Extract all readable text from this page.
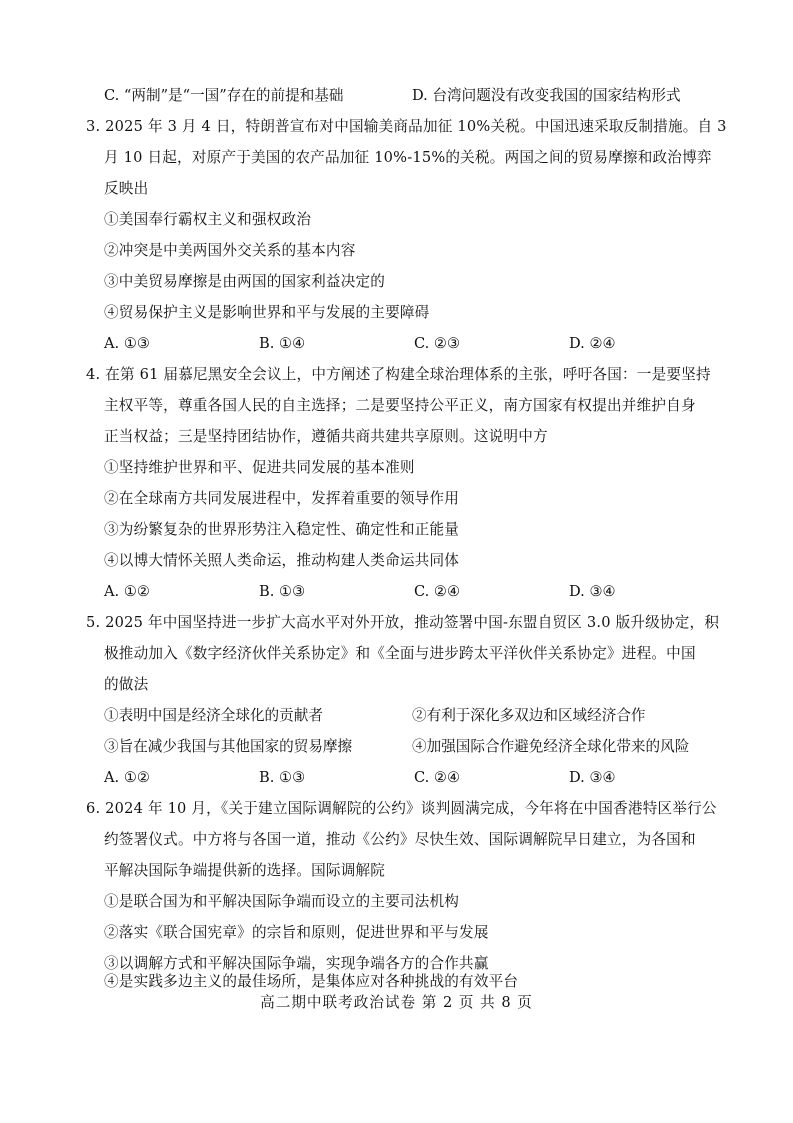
C. “两制”是“一国”存在的前提和基础	D. 台湾问题没有改变我国的国家结构形式
3. 2025 年 3 月 4 日，特朗普宣布对中国输美商品加征 10%关税。中国迅速采取反制措施。自 3
月 10 日起，对原产于美国的农产品加征 10%-15%的关税。两国之间的贸易摩擦和政治博弈
反映出
①美国奉行霸权主义和强权政治
②冲突是中美两国外交关系的基本内容
③中美贸易摩擦是由两国的国家利益决定的
④贸易保护主义是影响世界和平与发展的主要障碍
A. ①③	B. ①④	C. ②③	D. ②④
4. 在第 61 届慕尼黑安全会议上，中方阐述了构建全球治理体系的主张，呼吁各国：一是要坚持
主权平等，尊重各国人民的自主选择；二是要坚持公平正义，南方国家有权提出并维护自身
正当权益；三是坚持团结协作，遵循共商共建共享原则。这说明中方
①坚持维护世界和平、促进共同发展的基本准则
②在全球南方共同发展进程中，发挥着重要的领导作用
③为纷繁复杂的世界形势注入稳定性、确定性和正能量
④以博大情怀关照人类命运，推动构建人类命运共同体
A. ①②	B. ①③	C. ②④	D. ③④
5. 2025 年中国坚持进一步扩大高水平对外开放，推动签署中国-东盟自贸区 3.0 版升级协定，积
极推动加入《数字经济伙伴关系协定》和《全面与进步跨太平洋伙伴关系协定》进程。中国
的做法
①表明中国是经济全球化的贡献者	②有利于深化多双边和区域经济合作
③旨在减少我国与其他国家的贸易摩擦	④加强国际合作避免经济全球化带来的风险
A. ①②	B. ①③	C. ②④	D. ③④
6. 2024 年 10 月，《关于建立国际调解院的公约》谈判圆满完成，今年将在中国香港特区举行公
约签署仪式。中方将与各国一道，推动《公约》尽快生效、国际调解院早日建立，为各国和
平解决国际争端提供新的选择。国际调解院
①是联合国为和平解决国际争端而设立的主要司法机构
②落实《联合国宪章》的宗旨和原则，促进世界和平与发展
③以调解方式和平解决国际争端，实现争端各方的合作共赢
④是实践多边主义的最佳场所，是集体应对各种挑战的有效平台
高二期中联考政治试卷 第 2 页 共 8 页
